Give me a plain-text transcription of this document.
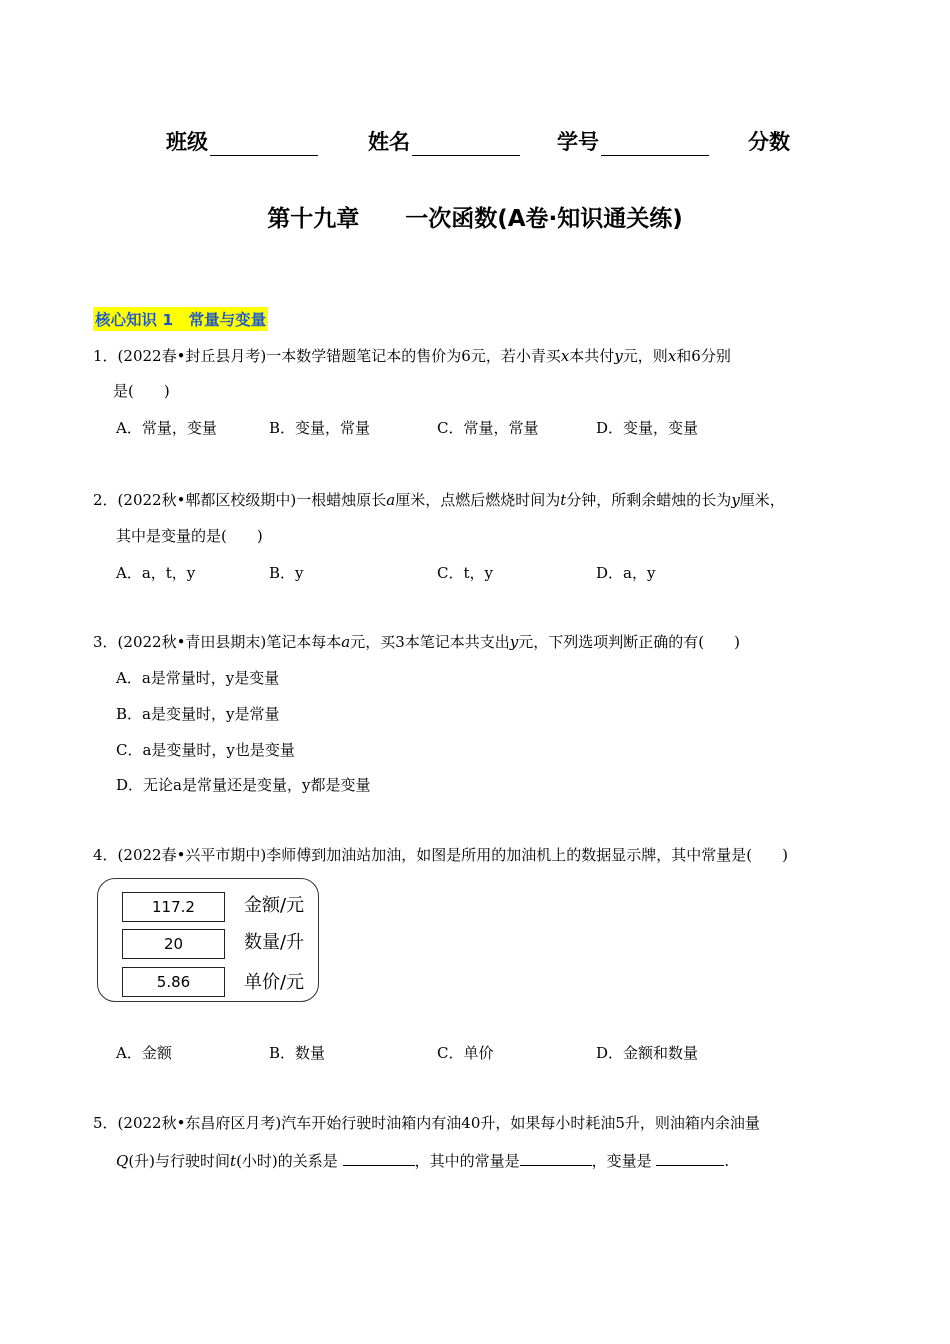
班级	姓名	学号	分数
第十九章　　一次函数(A卷·知识通关练)
核心知识 1　常量与变量
1．(2022春•封丘县月考)一本数学错题笔记本的售价为6元，若小青买x本共付y元，则x和6分别
是(　　)
A．常量，变量	B．变量，常量	C．常量，常量	D．变量，变量
2．(2022秋•郫都区校级期中)一根蜡烛原长a厘米，点燃后燃烧时间为t分钟，所剩余蜡烛的长为y厘米，
其中是变量的是(　　)
A．a，t，y	B．y	C．t，y	D．a，y
3．(2022秋•青田县期末)笔记本每本a元，买3本笔记本共支出y元，下列选项判断正确的有(　　)
A．a是常量时，y是变量
B．a是变量时，y是常量
C．a是变量时，y也是变量
D．无论a是常量还是变量，y都是变量
4．(2022春•兴平市期中)李师傅到加油站加油，如图是所用的加油机上的数据显示牌，其中常量是(　　)
117.2	金额/元
20	数量/升
5.86	单价/元
A．金额	B．数量	C．单价	D．金额和数量
5．(2022秋•东昌府区月考)汽车开始行驶时油箱内有油40升，如果每小时耗油5升，则油箱内余油量
Q(升)与行驶时间t(小时)的关系是	，其中的常量是	，变量是	.
